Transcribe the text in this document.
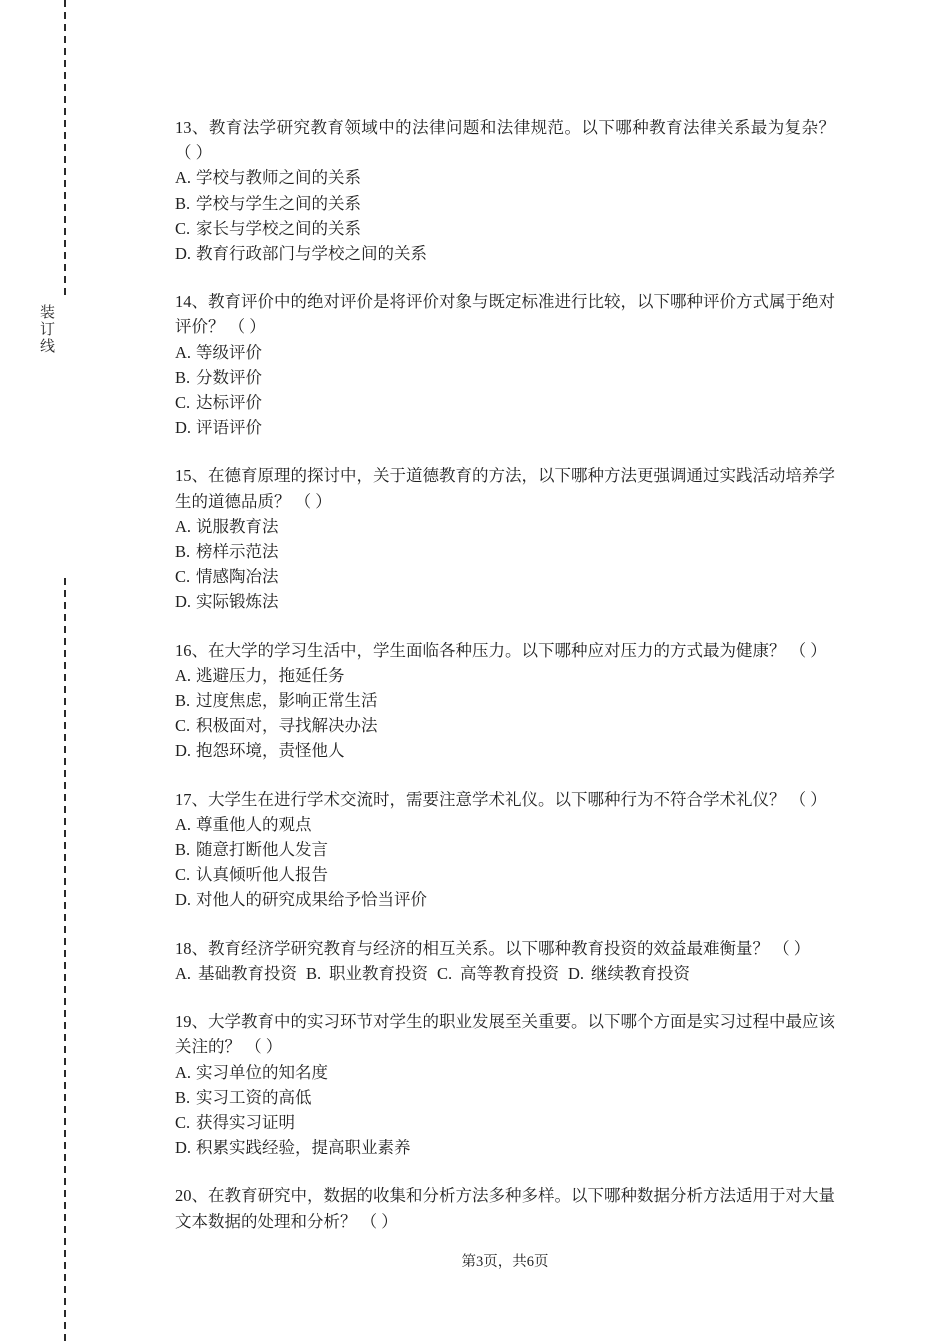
装订线

13、教育法学研究教育领域中的法律问题和法律规范。以下哪种教育法律关系最为复杂？ （ ）

A. 学校与教师之间的关系
B. 学校与学生之间的关系
C. 家长与学校之间的关系
D. 教育行政部门与学校之间的关系

14、教育评价中的绝对评价是将评价对象与既定标准进行比较，以下哪种评价方式属于绝对评价？ （ ）

A. 等级评价
B. 分数评价
C. 达标评价
D. 评语评价

15、在德育原理的探讨中，关于道德教育的方法，以下哪种方法更强调通过实践活动培养学生的道德品质？ （ ）

A. 说服教育法
B. 榜样示范法
C. 情感陶冶法
D. 实际锻炼法

16、在大学的学习生活中，学生面临各种压力。以下哪种应对压力的方式最为健康？ （ ）

A. 逃避压力，拖延任务
B. 过度焦虑，影响正常生活
C. 积极面对，寻找解决办法
D. 抱怨环境，责怪他人

17、大学生在进行学术交流时，需要注意学术礼仪。以下哪种行为不符合学术礼仪？ （ ）

A. 尊重他人的观点
B. 随意打断他人发言
C. 认真倾听他人报告
D. 对他人的研究成果给予恰当评价

18、教育经济学研究教育与经济的相互关系。以下哪种教育投资的效益最难衡量？ （ ）

A. 基础教育投资 B. 职业教育投资 C. 高等教育投资 D. 继续教育投资

19、大学教育中的实习环节对学生的职业发展至关重要。以下哪个方面是实习过程中最应该关注的？ （ ）

A. 实习单位的知名度
B. 实习工资的高低
C. 获得实习证明
D. 积累实践经验，提高职业素养

20、在教育研究中，数据的收集和分析方法多种多样。以下哪种数据分析方法适用于对大量文本数据的处理和分析？ （ ）

第3页，共6页
